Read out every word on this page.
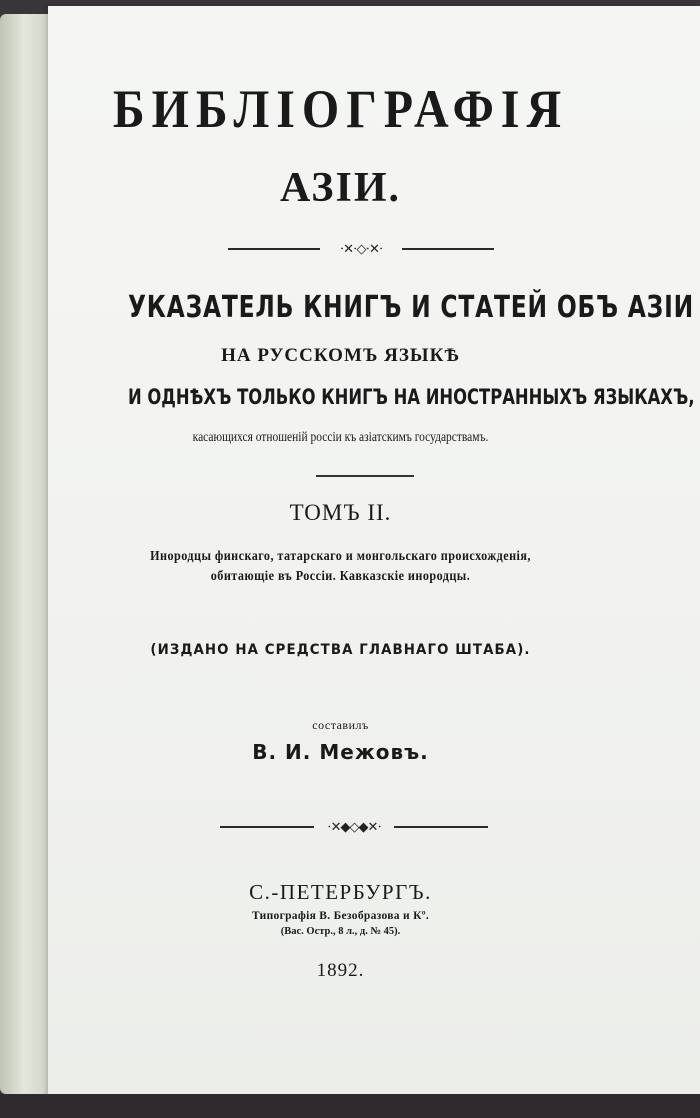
БИБЛІОГРАФІЯ
АЗІИ.
⋅✕⋅◇⋅✕⋅
УКАЗАТЕЛЬ КНИГЪ И СТАТЕЙ ОБЪ АЗІИ
НА РУССКОМЪ ЯЗЫКѢ
И ОДНѢХЪ ТОЛЬКО КНИГЪ НА ИНОСТРАННЫХЪ ЯЗЫКАХЪ,
касающихся отношеній россіи къ азіатскимъ государствамъ.
ТОМЪ II.
Инородцы финскаго, татарскаго и монгольскаго происхожденія,
обитающіе въ Россіи. Кавказскіе инородцы.
(ИЗДАНО НА СРЕДСТВА ГЛАВНАГО ШТАБА).
составилъ
В. И. Межовъ.
⋅✕◆◇◆✕⋅
С.-ПЕТЕРБУРГЪ.
Типографія В. Безобразова и Кº.
(Вас. Остр., 8 л., д. № 45).
1892.
